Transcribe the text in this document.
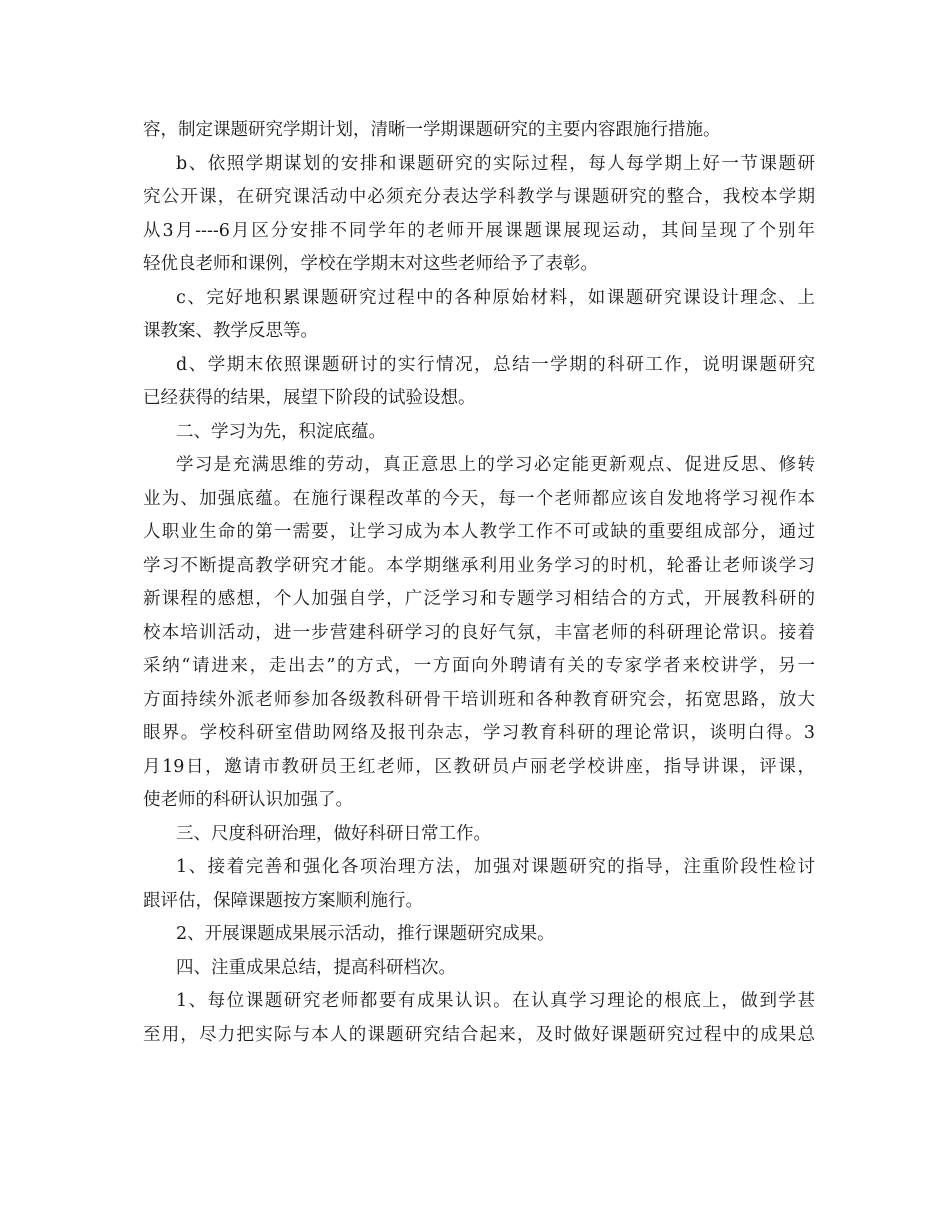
容，制定课题研究学期计划，清晰一学期课题研究的主要内容跟施行措施。
b、依照学期谋划的安排和课题研究的实际过程，每人每学期上好一节课题研
究公开课，在研究课活动中必须充分表达学科教学与课题研究的整合，我校本学期
从3月----6月区分安排不同学年的老师开展课题课展现运动，其间呈现了个别年
轻优良老师和课例，学校在学期末对这些老师给予了表彰。
c、完好地积累课题研究过程中的各种原始材料，如课题研究课设计理念、上
课教案、教学反思等。
d、学期末依照课题研讨的实行情况，总结一学期的科研工作，说明课题研究
已经获得的结果，展望下阶段的试验设想。
二、学习为先，积淀底蕴。
学习是充满思维的劳动，真正意思上的学习必定能更新观点、促进反思、修转
业为、加强底蕴。在施行课程改革的今天，每一个老师都应该自发地将学习视作本
人职业生命的第一需要，让学习成为本人教学工作不可或缺的重要组成部分，通过
学习不断提高教学研究才能。本学期继承利用业务学习的时机，轮番让老师谈学习
新课程的感想，个人加强自学，广泛学习和专题学习相结合的方式，开展教科研的
校本培训活动，进一步营建科研学习的良好气氛，丰富老师的科研理论常识。接着
采纳“请进来，走出去”的方式，一方面向外聘请有关的专家学者来校讲学，另一
方面持续外派老师参加各级教科研骨干培训班和各种教育研究会，拓宽思路，放大
眼界。学校科研室借助网络及报刊杂志，学习教育科研的理论常识，谈明白得。3
月19日，邀请市教研员王红老师，区教研员卢丽老学校讲座，指导讲课，评课，
使老师的科研认识加强了。
三、尺度科研治理，做好科研日常工作。
1、接着完善和强化各项治理方法，加强对课题研究的指导，注重阶段性检讨
跟评估，保障课题按方案顺利施行。
2、开展课题成果展示活动，推行课题研究成果。
四、注重成果总结，提高科研档次。
1、每位课题研究老师都要有成果认识。在认真学习理论的根底上，做到学甚
至用，尽力把实际与本人的课题研究结合起来，及时做好课题研究过程中的成果总
